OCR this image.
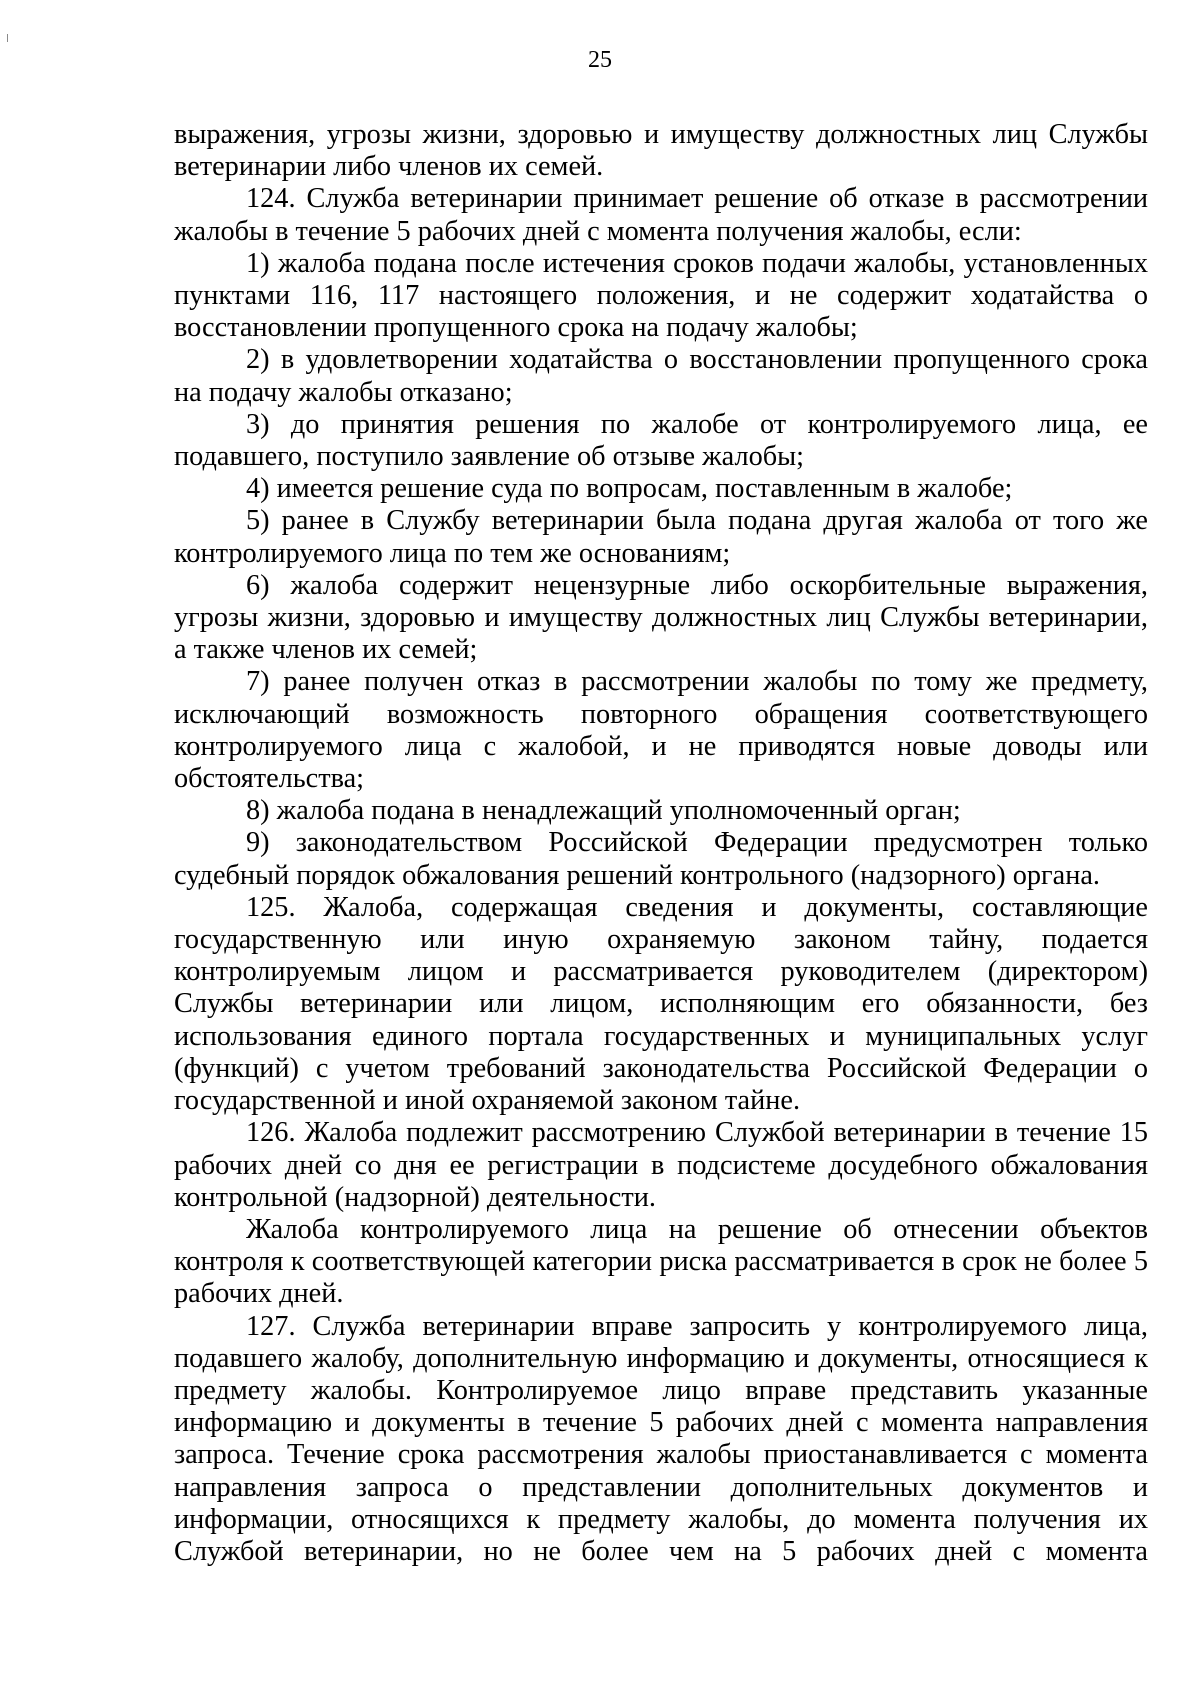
25

выражения, угрозы жизни, здоровью и имуществу должностных лиц Службы ветеринарии либо членов их семей.

124. Служба ветеринарии принимает решение об отказе в рассмотрении жалобы в течение 5 рабочих дней с момента получения жалобы, если:

1) жалоба подана после истечения сроков подачи жалобы, установленных пунктами 116, 117 настоящего положения, и не содержит ходатайства о восстановлении пропущенного срока на подачу жалобы;

2) в удовлетворении ходатайства о восстановлении пропущенного срока на подачу жалобы отказано;

3) до принятия решения по жалобе от контролируемого лица, ее подавшего, поступило заявление об отзыве жалобы;

4) имеется решение суда по вопросам, поставленным в жалобе;

5) ранее в Службу ветеринарии была подана другая жалоба от того же контролируемого лица по тем же основаниям;

6) жалоба содержит нецензурные либо оскорбительные выражения, угрозы жизни, здоровью и имуществу должностных лиц Службы ветеринарии, а также членов их семей;

7) ранее получен отказ в рассмотрении жалобы по тому же предмету, исключающий возможность повторного обращения соответствующего контролируемого лица с жалобой, и не приводятся новые доводы или обстоятельства;

8) жалоба подана в ненадлежащий уполномоченный орган;

9) законодательством Российской Федерации предусмотрен только судебный порядок обжалования решений контрольного (надзорного) органа.

125. Жалоба, содержащая сведения и документы, составляющие государственную или иную охраняемую законом тайну, подается контролируемым лицом и рассматривается руководителем (директором) Службы ветеринарии или лицом, исполняющим его обязанности, без использования единого портала государственных и муниципальных услуг (функций) с учетом требований законодательства Российской Федерации о государственной и иной охраняемой законом тайне.

126. Жалоба подлежит рассмотрению Службой ветеринарии в течение 15 рабочих дней со дня ее регистрации в подсистеме досудебного обжалования контрольной (надзорной) деятельности.

Жалоба контролируемого лица на решение об отнесении объектов контроля к соответствующей категории риска рассматривается в срок не более 5 рабочих дней.

127. Служба ветеринарии вправе запросить у контролируемого лица, подавшего жалобу, дополнительную информацию и документы, относящиеся к предмету жалобы. Контролируемое лицо вправе представить указанные информацию и документы в течение 5 рабочих дней с момента направления запроса. Течение срока рассмотрения жалобы приостанавливается с момента направления запроса о представлении дополнительных документов и информации, относящихся к предмету жалобы, до момента получения их Службой ветеринарии, но не более чем на 5 рабочих дней с момента
